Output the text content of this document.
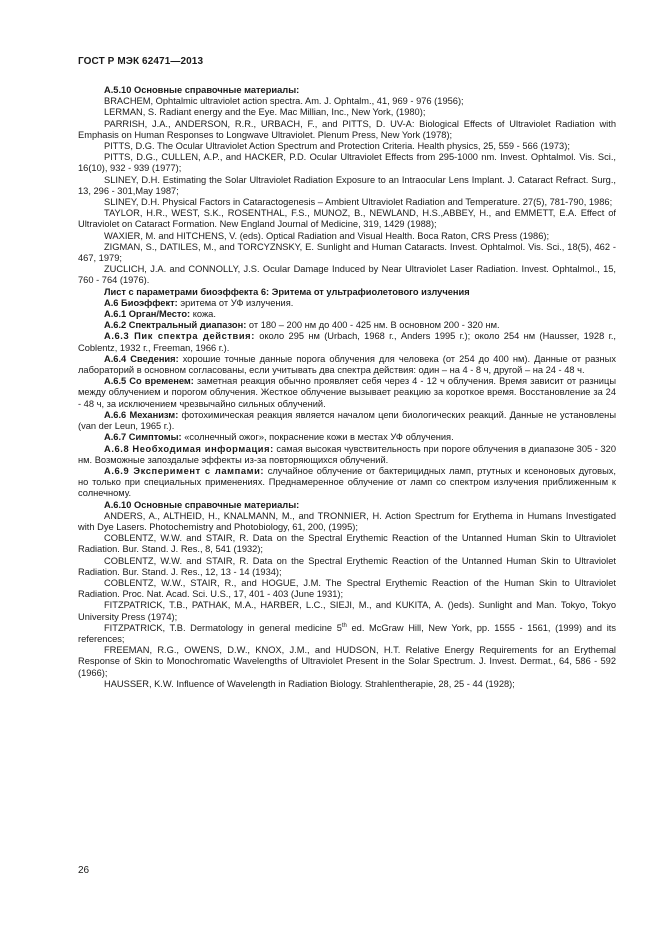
ГОСТ Р МЭК 62471—2013

А.5.10 Основные справочные материалы:

BRACHEM, Ophtalmic ultraviolet action spectra. Am. J. Ophtalm., 41, 969 - 976 (1956);

LERMAN, S. Radiant energy and the Eye. Mac Millian, Inc., New York, (1980);

PARRISH, J.A., ANDERSON, R.R., URBACH, F., and PITTS, D. UV-A: Biological Effects of Ultraviolet Radiation with Emphasis on Human Responses to Longwave Ultraviolet. Plenum Press, New York (1978);

PITTS, D.G. The Ocular Ultraviolet Action Spectrum and Protection Criteria. Health physics, 25, 559 - 566 (1973);

PITTS, D.G., CULLEN, A.P., and HACKER, P.D. Ocular Ultraviolet Effects from 295-1000 nm. Invest. Ophtalmol. Vis. Sci., 16(10), 932 - 939 (1977);

SLINEY, D.H. Estimating the Solar Ultraviolet Radiation Exposure to an Intraocular Lens Implant. J. Cataract Refract. Surg., 13, 296 - 301,May 1987;

SLINEY, D.H. Physical Factors in Cataractogenesis – Ambient Ultraviolet Radiation and Temperature. 27(5), 781-790, 1986;

TAYLOR, H.R., WEST, S.K., ROSENTHAL, F.S., MUNOZ, B., NEWLAND, H.S.,ABBEY, H., and EMMETT, E.A. Effect of Ultraviolet on Cataract Formation. New England Journal of Medicine, 319, 1429 (1988);

WAXIER, M. and HITCHENS, V. (eds). Optical Radiation and Visual Health. Boca Raton, CRS Press (1986);

ZIGMAN, S., DATILES, M., and TORCYZNSKY, E. Sunlight and Human Cataracts. Invest. Ophtalmol. Vis. Sci., 18(5), 462 - 467, 1979;

ZUCLICH, J.A. and CONNOLLY, J.S. Ocular Damage Induced by Near Ultraviolet Laser Radiation. Invest. Ophtalmol., 15, 760 - 764 (1976).

Лист с параметрами биоэффекта 6: Эритема от ультрафиолетового излучения

А.6 Биоэффект: эритема от УФ излучения.

А.6.1 Орган/Место: кожа.

А.6.2 Спектральный диапазон: от 180 – 200 нм до 400 - 425 нм. В основном 200 - 320 нм.

А.6.3 Пик спектра действия: около 295 нм (Urbach, 1968 г., Anders 1995 г.); около 254 нм (Hausser, 1928 г., Coblentz, 1932 г., Freeman, 1966 г.).

А.6.4 Сведения: хорошие точные данные порога облучения для человека (от 254 до 400 нм). Данные от разных лабораторий в основном согласованы, если учитывать два спектра действия: один – на 4 - 8 ч, другой – на 24 - 48 ч.

А.6.5 Со временем: заметная реакция обычно проявляет себя через 4 - 12 ч облучения. Время зависит от разницы между облучением и порогом облучения. Жесткое облучение вызывает реакцию за короткое время. Восстановление за 24 - 48 ч, за исключением чрезвычайно сильных облучений.

А.6.6 Механизм: фотохимическая реакция является началом цепи биологических реакций. Данные не установлены (van der Leun, 1965 г.).

А.6.7 Симптомы: «солнечный ожог», покраснение кожи в местах УФ облучения.

А.6.8 Необходимая информация: самая высокая чувствительность при пороге облучения в диапазоне 305 - 320 нм. Возможные запоздалые эффекты из-за повторяющихся облучений.

А.6.9 Эксперимент с лампами: случайное облучение от бактерицидных ламп, ртутных и ксеноновых дуговых, но только при специальных применениях. Преднамеренное облучение от ламп со спектром излучения приближенным к солнечному.

А.6.10 Основные справочные материалы:

ANDERS, A., ALTHEID, H., KNALMANN, M., and TRONNIER, H. Action Spectrum for Erythema in Humans Investigated with Dye Lasers. Photochemistry and Photobiology, 61, 200, (1995);

COBLENTZ, W.W. and STAIR, R. Data on the Spectral Erythemic Reaction of the Untanned Human Skin to Ultraviolet Radiation. Bur. Stand. J. Res., 8, 541 (1932);

COBLENTZ, W.W. and STAIR, R. Data on the Spectral Erythemic Reaction of the Untanned Human Skin to Ultraviolet Radiation. Bur. Stand. J. Res., 12, 13 - 14 (1934);

COBLENTZ, W.W., STAIR, R., and HOGUE, J.M. The Spectral Erythemic Reaction of the Human Skin to Ultraviolet Radiation. Proc. Nat. Acad. Sci. U.S., 17, 401 - 403 (June 1931);

FITZPATRICK, T.B., PATHAK, M.A., HARBER, L.C., SIEJI, M., and KUKITA, A. ()eds). Sunlight and Man. Tokyo, Tokyo University Press (1974);

FITZPATRICK, T.B. Dermatology in general medicine 5th ed. McGraw Hill, New York, pp. 1555 - 1561, (1999) and its references;

FREEMAN, R.G., OWENS, D.W., KNOX, J.M., and HUDSON, H.T. Relative Energy Requirements for an Erythemal Response of Skin to Monochromatic Wavelengths of Ultraviolet Present in the Solar Spectrum. J. Invest. Dermat., 64, 586 - 592 (1966);

HAUSSER, K.W. Influence of Wavelength in Radiation Biology. Strahlentherapie, 28, 25 - 44 (1928);

26
